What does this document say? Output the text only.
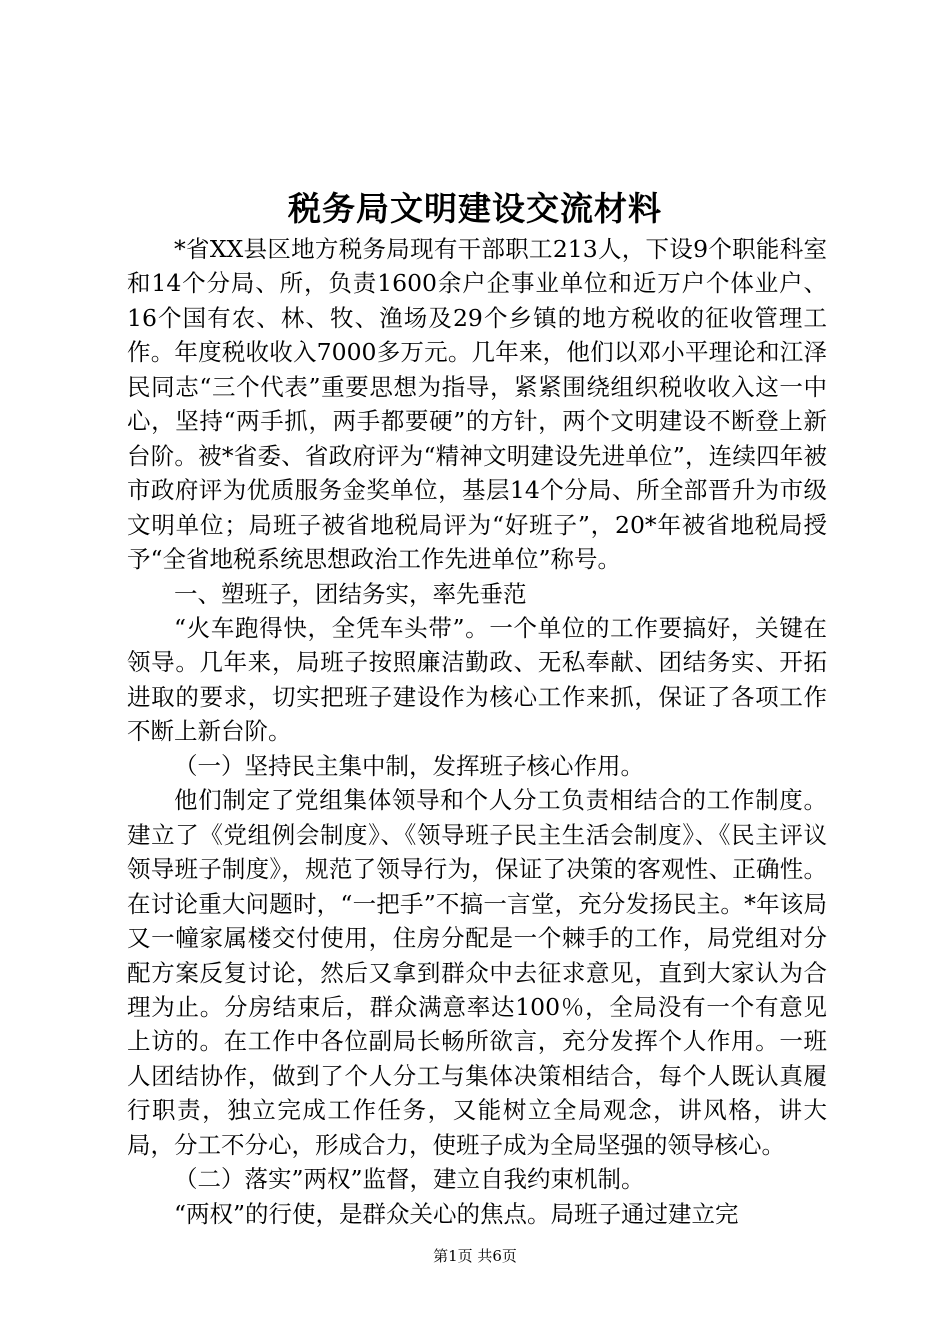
税务局文明建设交流材料

*省XX县区地方税务局现有干部职工213人，下设9个职能科室和14个分局、所，负责1600余户企事业单位和近万户个体业户、16个国有农、林、牧、渔场及29个乡镇的地方税收的征收管理工作。年度税收收入7000多万元。几年来，他们以邓小平理论和江泽民同志“三个代表”重要思想为指导，紧紧围绕组织税收收入这一中心，坚持“两手抓，两手都要硬”的方针，两个文明建设不断登上新台阶。被*省委、省政府评为“精神文明建设先进单位”，连续四年被市政府评为优质服务金奖单位，基层14个分局、所全部晋升为市级文明单位；局班子被省地税局评为“好班子”，20*年被省地税局授予“全省地税系统思想政治工作先进单位”称号。

一、塑班子，团结务实，率先垂范

“火车跑得快，全凭车头带”。一个单位的工作要搞好，关键在领导。几年来，局班子按照廉洁勤政、无私奉献、团结务实、开拓进取的要求，切实把班子建设作为核心工作来抓，保证了各项工作不断上新台阶。

（一）坚持民主集中制，发挥班子核心作用。

他们制定了党组集体领导和个人分工负责相结合的工作制度。建立了《党组例会制度》、《领导班子民主生活会制度》、《民主评议领导班子制度》，规范了领导行为，保证了决策的客观性、正确性。在讨论重大问题时，“一把手”不搞一言堂，充分发扬民主。*年该局又一幢家属楼交付使用，住房分配是一个棘手的工作，局党组对分配方案反复讨论，然后又拿到群众中去征求意见，直到大家认为合理为止。分房结束后，群众满意率达100％，全局没有一个有意见上访的。在工作中各位副局长畅所欲言，充分发挥个人作用。一班人团结协作，做到了个人分工与集体决策相结合，每个人既认真履行职责，独立完成工作任务，又能树立全局观念，讲风格，讲大局，分工不分心，形成合力，使班子成为全局坚强的领导核心。

（二）落实”两权”监督，建立自我约束机制。

“两权”的行使，是群众关心的焦点。局班子通过建立完

第1页 共6页
